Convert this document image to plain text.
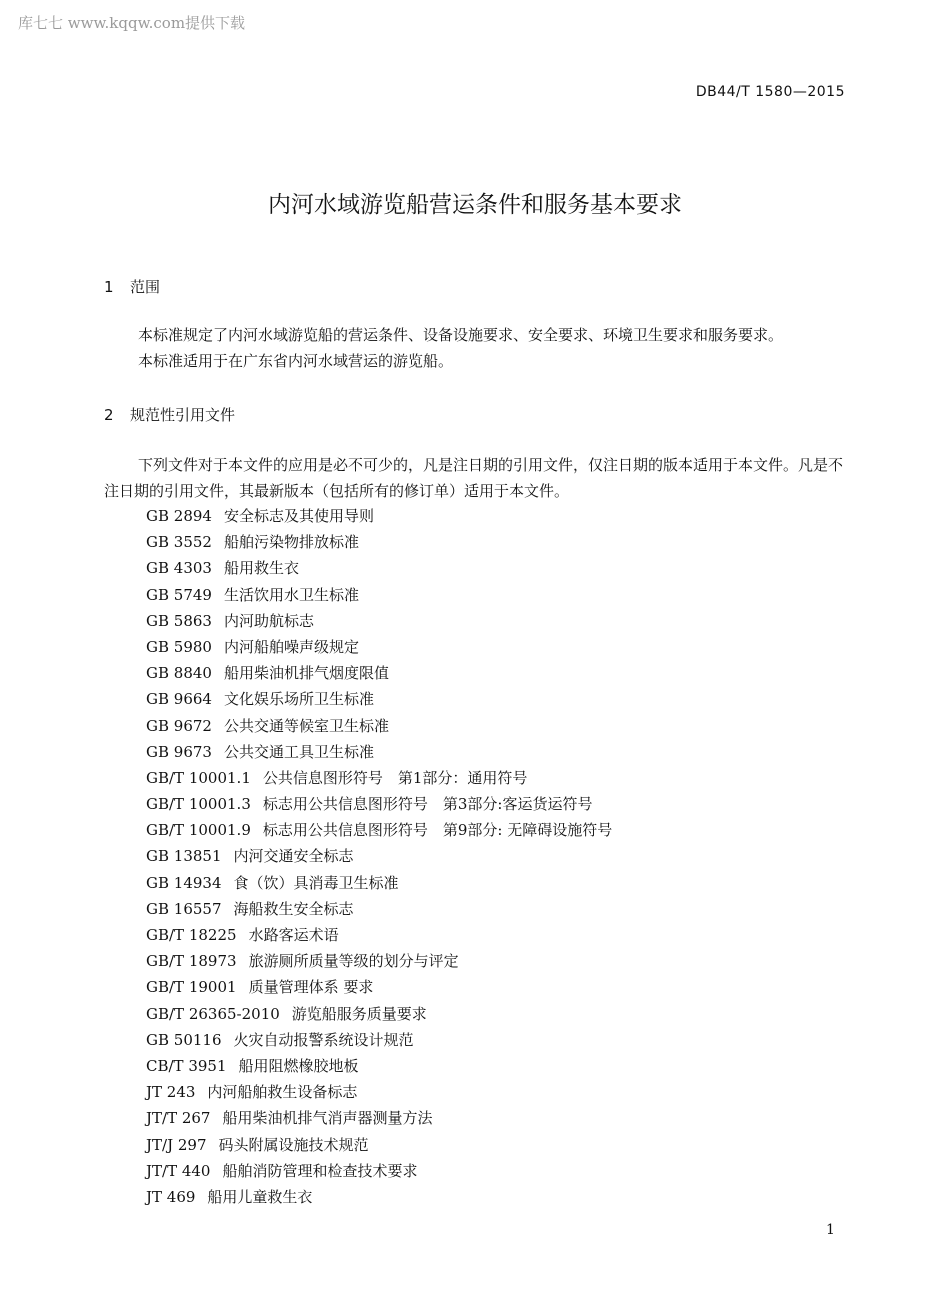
库七七 www.kqqw.com提供下载
DB44/T 1580—2015
内河水域游览船营运条件和服务基本要求
1 范围

本标准规定了内河水域游览船的营运条件、设备设施要求、安全要求、环境卫生要求和服务要求。

本标准适用于在广东省内河水域营运的游览船。

2 规范性引用文件

下列文件对于本文件的应用是必不可少的，凡是注日期的引用文件，仅注日期的版本适用于本文件。凡是不注日期的引用文件，其最新版本（包括所有的修订单）适用于本文件。

GB 2894 安全标志及其使用导则
GB 3552 船舶污染物排放标准
GB 4303 船用救生衣
GB 5749 生活饮用水卫生标准
GB 5863 内河助航标志
GB 5980 内河船舶噪声级规定
GB 8840 船用柴油机排气烟度限值
GB 9664 文化娱乐场所卫生标准
GB 9672 公共交通等候室卫生标准
GB 9673 公共交通工具卫生标准
GB/T 10001.1 公共信息图形符号　第1部分：通用符号
GB/T 10001.3 标志用公共信息图形符号　第3部分:客运货运符号
GB/T 10001.9 标志用公共信息图形符号　第9部分: 无障碍设施符号
GB 13851 内河交通安全标志
GB 14934 食（饮）具消毒卫生标准
GB 16557 海船救生安全标志
GB/T 18225 水路客运术语
GB/T 18973 旅游厕所质量等级的划分与评定
GB/T 19001 质量管理体系 要求
GB/T 26365-2010 游览船服务质量要求
GB 50116 火灾自动报警系统设计规范
CB/T 3951 船用阻燃橡胶地板
JT 243 内河船舶救生设备标志
JT/T 267 船用柴油机排气消声器测量方法
JT/J 297 码头附属设施技术规范
JT/T 440 船舶消防管理和检查技术要求
JT 469 船用儿童救生衣
1
